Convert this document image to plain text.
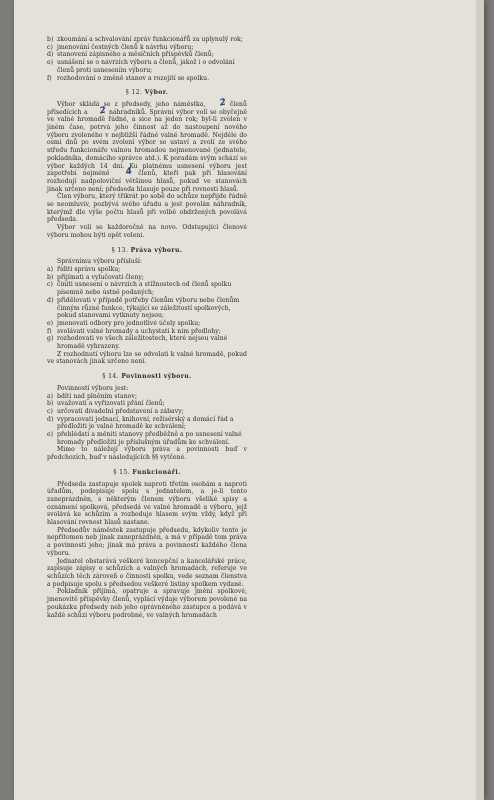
b) zkoumání a schvalování zpráv funkcionářů za uplynulý rok;
c) jmenování čestných členů k návrhu výboru;
d) stanovení zápisného a měsíčních příspěvků členů;
e) usnášení se o návrzích výboru a členů, jakož i o odvolání členů proti usnesením výboru;
f) rozhodování o změně stanov a rozejití se spolku.
§ 12. Výbor.
Výbor skládá se z předsedy, jeho náměstka, 2 členů přísedících a 2 náhradníků. Správní výbor volí se obyčejně ve valné hromadě řádné, a sice na jeden rok; byl-li zvolen v jiném čase, potrvá jeho činnost až do nastoupení nového výboru zvoleného v nejbližší řádné valné hromadě. Nejdéle do osmi dnů po svém zvolení výbor se ustaví a zvolí ze svého středu funkcionáře valnou hromadou nejmenované (jednatele, pokladníka, domácího správce atd.). K poradám svým schází se výbor každých 14 dní. Ku platnému usnesení výboru jest zapotřebí nejméně 4 členů, kteří pak při hlasování rozhodují nadpoloviční většinou hlasů, pokud ve stanovách jinak určeno není; předseda hlasuje pouze při rovnosti hlasů.
Člen výboru, který třikrát po sobě do schůze nepřijde řádně se neomluviv, pozbývá svého úřadu a jest povolán náhradník, kterýmž dle výše počtu hlasů při volbě obdržených povolává předseda.
Výbor volí se každoročně na novo. Odstupující členové výboru mohou býti opět voleni.
§ 13. Práva výboru.
Správnímu výboru přísluší:
a) říditi správu spolku;
b) přijímati a vylučovati členy;
c) činiti usnesení o návrzích a stížnostech od členů spolku písemně nebo ústně podaných;
d) přidělovati v případě potřeby členům výboru nebo členům činným různé funkce, týkající se záležitostí spolkových, pokud stanovami vytknuty nejsou;
e) jmenovati odbory pro jednotlivé účely spolku;
f) svolávati valné hromady a uchystati k nim předlohy;
g) rozhodovati ve všech záležitostech, které nejsou valné hromadě vyhrazeny.
Z rozhodnutí výboru lze se odvolati k valné hromadě, pokud ve stanovách jinak určeno není.
§ 14. Povinnosti výboru.
Povinností výboru jest:
a) bdíti nad plněním stanov;
b) uvažovati a vyřizovati přání členů;
c) určovati divadelní představení a zábavy;
d) vypracovati jednací, knihovní, režisérský a domácí řád a předložiti je valné hromadě ke schválení;
e) přehlédati a měniti stanovy předběžně a po usnesení valné hromady předložiti je příslušným úřadům ke schválení.
Mimo to náležejí výboru práva a povinnosti buď v předchozích, buď v následujících §§ vytčené.
§ 15. Funkcionáři.
Předseda zastupuje spolek naproti třetím osobám a naproti úřadům, podepisuje spolu s jednatelem, a je-li tento zaneprázdněn, s některým členem výboru všeliké spisy a oznámení spolková, předsedá ve valné hromadě a výboru, jejž svolává ke schůzím a rozhoduje hlasem svým vždy, když při hlasování rovnost hlasů nastane.
Předsedův náměstek zastupuje předsedu, kdykoliv tento je nepřítomen neb jinak zaneprázdněn, a má v případě tom práva a povinnosti jeho; jinak má práva a povinnosti každého člena výboru.
Jednatel obstarává veškeré koncepční a kancelářské práce, zapisuje zápisy o schůzích a valných hromadách, referuje ve schůzích těch zároveň o činnosti spolku, vede seznam členstva a podpisuje spolu s předsedou veškeré listiny spolkem vydané.
Pokladník přijímá, opatruje a spravuje jmění spolkové, jmenovitě příspěvky členů, vyplácí výdaje výborem povolené na poukázku předsedy neb jeho oprávněného zástupce a podává v každé schůzi výboru podrobné, ve valných hromadách
